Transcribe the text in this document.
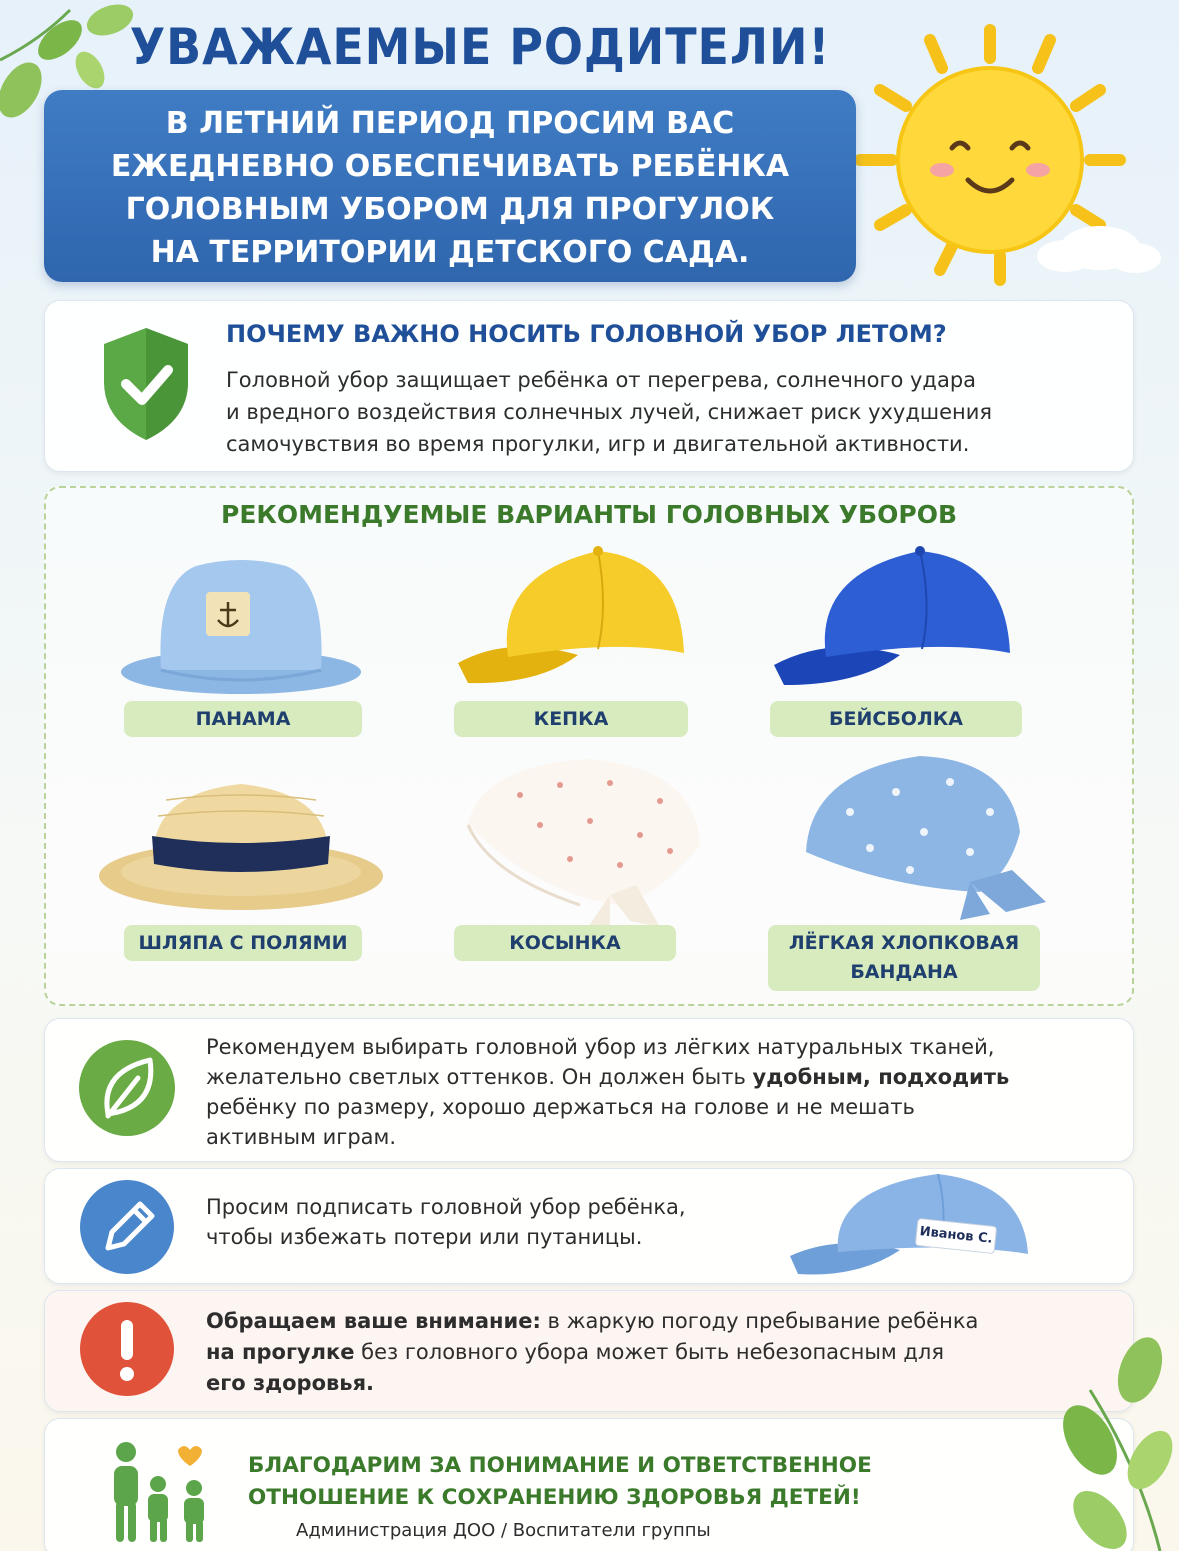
УВАЖАЕМЫЕ РОДИТЕЛИ!
В ЛЕТНИЙ ПЕРИОД ПРОСИМ ВАС
ЕЖЕДНЕВНО ОБЕСПЕЧИВАТЬ РЕБЁНКА
ГОЛОВНЫМ УБОРОМ ДЛЯ ПРОГУЛОК
НА ТЕРРИТОРИИ ДЕТСКОГО САДА.
ПОЧЕМУ ВАЖНО НОСИТЬ ГОЛОВНОЙ УБОР ЛЕТОМ?
Головной убор защищает ребёнка от перегрева, солнечного удара
и вредного воздействия солнечных лучей, снижает риск ухудшения
самочувствия во время прогулки, игр и двигательной активности.
РЕКОМЕНДУЕМЫЕ ВАРИАНТЫ ГОЛОВНЫХ УБОРОВ
ПАНАМА	КЕПКА	БЕЙСБОЛКА
ШЛЯПА С ПОЛЯМИ	КОСЫНКА	ЛЁГКАЯ ХЛОПКОВАЯ
БАНДАНА
Рекомендуем выбирать головной убор из лёгких натуральных тканей,
желательно светлых оттенков. Он должен быть удобным, подходить
ребёнку по размеру, хорошо держаться на голове и не мешать
активным играм.
Просим подписать головной убор ребёнка,
чтобы избежать потери или путаницы.	Иванов С.
Обращаем ваше внимание: в жаркую погоду пребывание ребёнка
на прогулке без головного убора может быть небезопасным для
его здоровья.
БЛАГОДАРИМ ЗА ПОНИМАНИЕ И ОТВЕТСТВЕННОЕ
ОТНОШЕНИЕ К СОХРАНЕНИЮ ЗДОРОВЬЯ ДЕТЕЙ!
Администрация ДОО / Воспитатели группы
